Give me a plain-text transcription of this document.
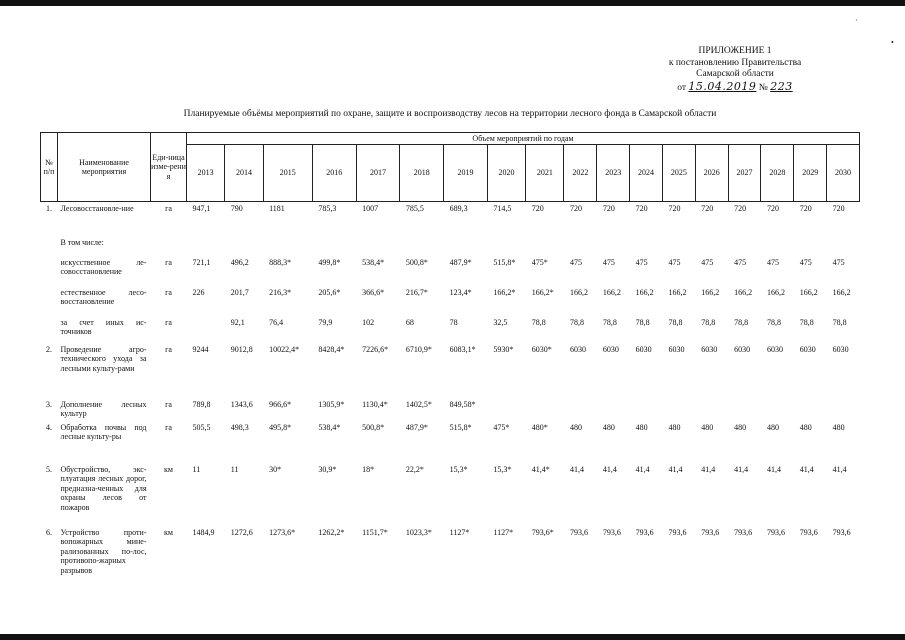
·
•
ПРИЛОЖЕНИЕ 1
к постановлению Правительства
Самарской области
от 15.04.2019 № 223
Планируемые объёмы мероприятий по охране, защите и воспроизводству лесов на территории лесного фонда в Самарской области
№ п/п	Наименование мероприятия	Еди-ница изме-рения	Объем мероприятий по годам																	
			2013	2014	2015	2016	2017	2018	2019	2020	2021	2022	2023	2024	2025	2026	2027	2028	2029	2030
1.	Лесовосстановле-ние	га	947,1	790	1181	785,3	1007	785,5	689,3	714,5	720	720	720	720	720	720	720	720	720	720
	В том числе:																			
	искусственное ле-совосстановление	га	721,1	496,2	888,3*	499,8*	538,4*	500,8*	487,9*	515,8*	475*	475	475	475	475	475	475	475	475	475
	естественное лесо-восстановление	га	226	201,7	216,3*	205,6*	366,6*	216,7*	123,4*	166,2*	166,2*	166,2	166,2	166,2	166,2	166,2	166,2	166,2	166,2	166,2
	за счет иных ис-точников	га		92,1	76,4	79,9	102	68	78	32,5	78,8	78,8	78,8	78,8	78,8	78,8	78,8	78,8	78,8	78,8
2.	Проведение агро-технического ухода за лесными культу-рами	га	9244	9012,8	10022,4*	8428,4*	7226,6*	6710,9*	6083,1*	5930*	6030*	6030	6030	6030	6030	6030	6030	6030	6030	6030
3.	Дополнение лесных культур	га	789,8	1343,6	966,6*	1305,9*	1130,4*	1402,5*	849,58*											
4.	Обработка почвы под лесные культу-ры	га	505,5	498,3	495,8*	538,4*	500,8*	487,9*	515,8*	475*	480*	480	480	480	480	480	480	480	480	480
5.	Обустройство, экс-плуатация лесных дорог, предназна-ченных для охраны лесов от пожаров	км	11	11	30*	30,9*	18*	22,2*	15,3*	15,3*	41,4*	41,4	41,4	41,4	41,4	41,4	41,4	41,4	41,4	41,4
6.	Устройство проти-вопожарных мине-рализованных по-лос, противопо-жарных разрывов	км	1484,9	1272,6	1273,6*	1262,2*	1151,7*	1023,3*	1127*	1127*	793,6*	793,6	793,6	793,6	793,6	793,6	793,6	793,6	793,6	793,6
